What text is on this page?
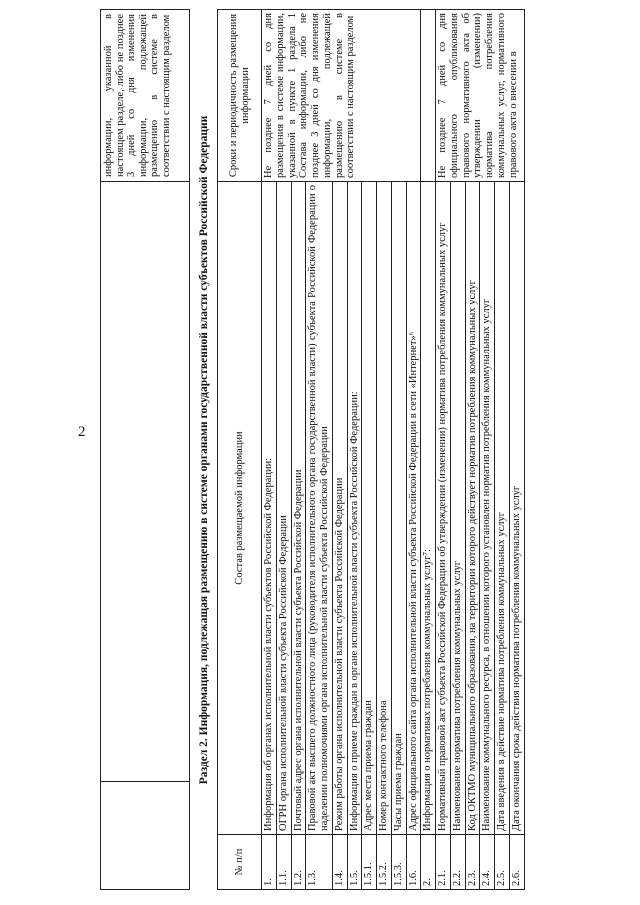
2
		информации, указанной в настоящем разделе, либо не позднее 3 дней со дня изменения информации, подлежащей размещению в системе в соответствии с настоящим разделом
Раздел 2. Информация, подлежащая размещению в системе органами государственной власти субъектов Российской Федерации
№ п/п	Состав размещаемой информации	Сроки и периодичность размещения информации
1.	Информация об органах исполнительной власти субъектов Российской Федерации:	Не позднее 7 дней со дня размещения в системе информации, указанной в пункте 1 раздела 1 Состава информации, либо не позднее 3 дней со дня изменения информации, подлежащей размещению в системе в соответствии с настоящим разделом
1.1.	ОГРН органа исполнительной власти субъекта Российской Федерации	
1.2.	Почтовый адрес органа исполнительной власти субъекта Российской Федерации	
1.3.	Правовой акт высшего должностного лица (руководителя исполнительного органа государственной власти) субъекта Российской Федерации о наделении полномочиями органа исполнительной власти субъекта Российской Федерации	
1.4.	Режим работы органа исполнительной власти субъекта Российской Федерации	
1.5.	Информация о приеме граждан в органе исполнительной власти субъекта Российской Федерации:	
1.5.1.	Адрес места приема граждан	
1.5.2.	Номер контактного телефона	
1.5.3.	Часы приема граждан	
1.6.	Адрес официального сайта органа исполнительной власти субъекта Российской Федерации в сети «Интернет»⁶	
2.	Информация о нормативах потребления коммунальных услуг⁷:	
2.1.	Нормативный правовой акт субъекта Российской Федерации об утверждении (изменении) норматива потребления коммунальных услуг	Не позднее 7 дней со дня официального опубликования правового нормативного акта об утверждении (изменении) норматива потребления коммунальных услуг, нормативного правового акта о внесении в
2.2.	Наименование норматива потребления коммунальных услуг	
2.3.	Код ОКТМО муниципального образования, на территории которого действует норматив потребления коммунальных услуг	
2.4.	Наименование коммунального ресурса, в отношении которого установлен норматив потребления коммунальных услуг	
2.5.	Дата введения в действие норматива потребления коммунальных услуг	
2.6.	Дата окончания срока действия норматива потребления коммунальных услуг	
